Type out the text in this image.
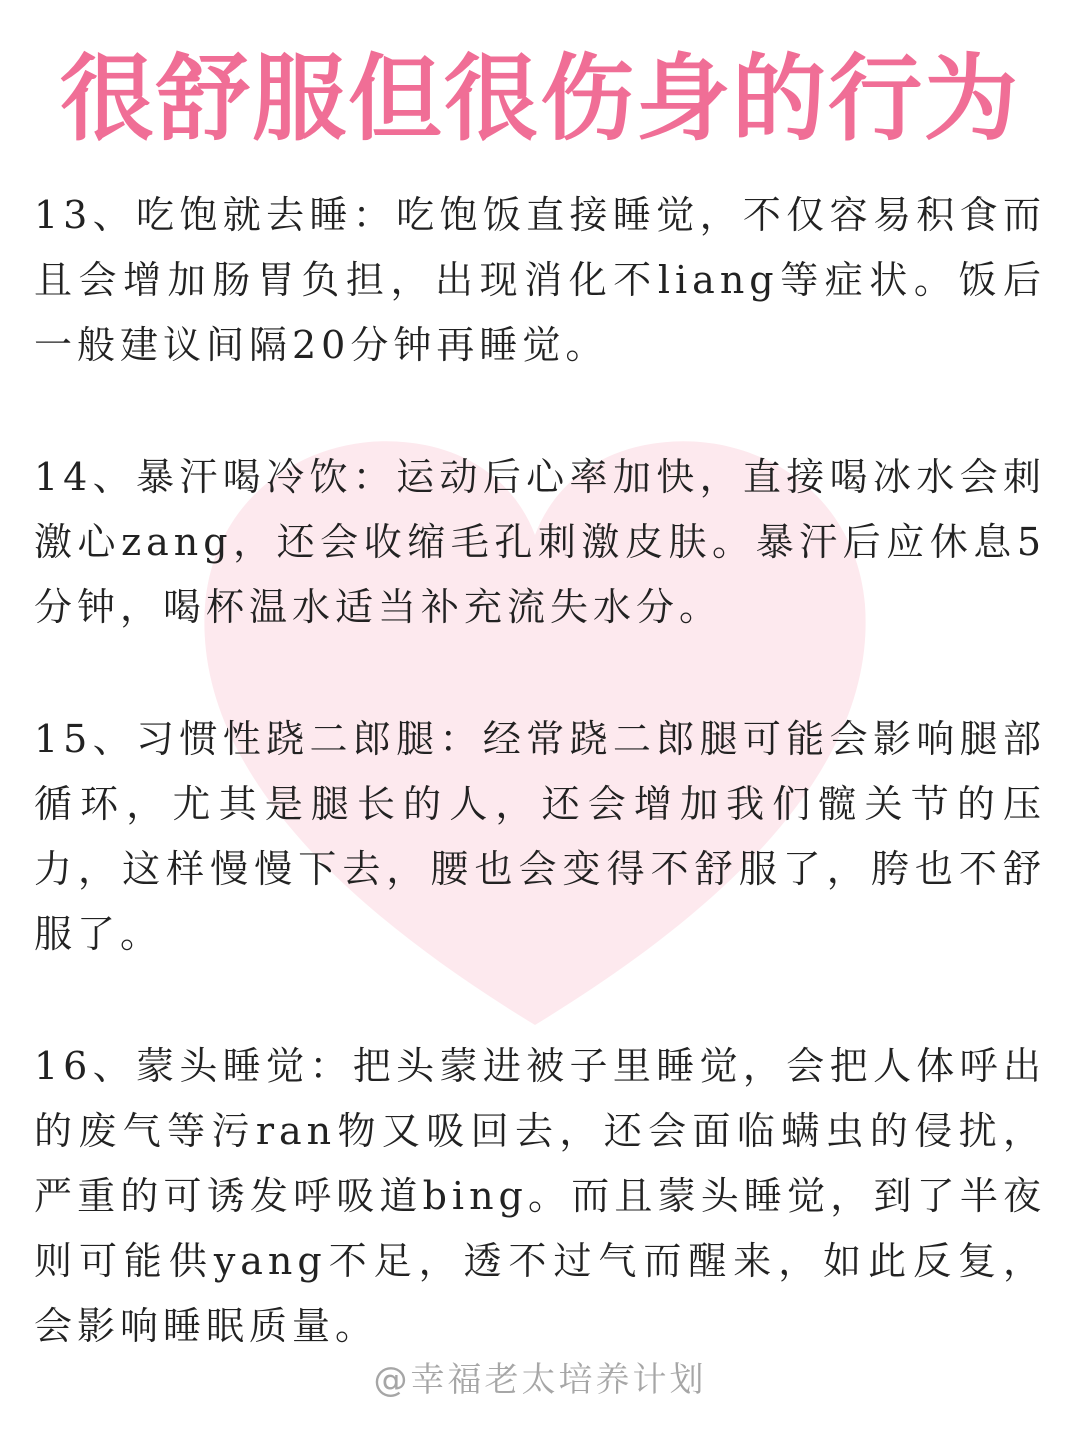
很舒服但很伤身的行为

13、吃饱就去睡：吃饱饭直接睡觉，不仅容易积食而且会增加肠胃负担，出现消化不liang等症状。饭后一般建议间隔20分钟再睡觉。

14、暴汗喝冷饮：运动后心率加快，直接喝冰水会刺激心zang，还会收缩毛孔刺激皮肤。暴汗后应休息5分钟，喝杯温水适当补充流失水分。

15、习惯性跷二郎腿：经常跷二郎腿可能会影响腿部循环，尤其是腿长的人，还会增加我们髋关节的压力，这样慢慢下去，腰也会变得不舒服了，胯也不舒服了。

16、蒙头睡觉：把头蒙进被子里睡觉，会把人体呼出的废气等污ran物又吸回去，还会面临螨虫的侵扰，严重的可诱发呼吸道bing。而且蒙头睡觉，到了半夜则可能供yang不足，透不过气而醒来，如此反复，会影响睡眠质量。

@幸福老太培养计划
